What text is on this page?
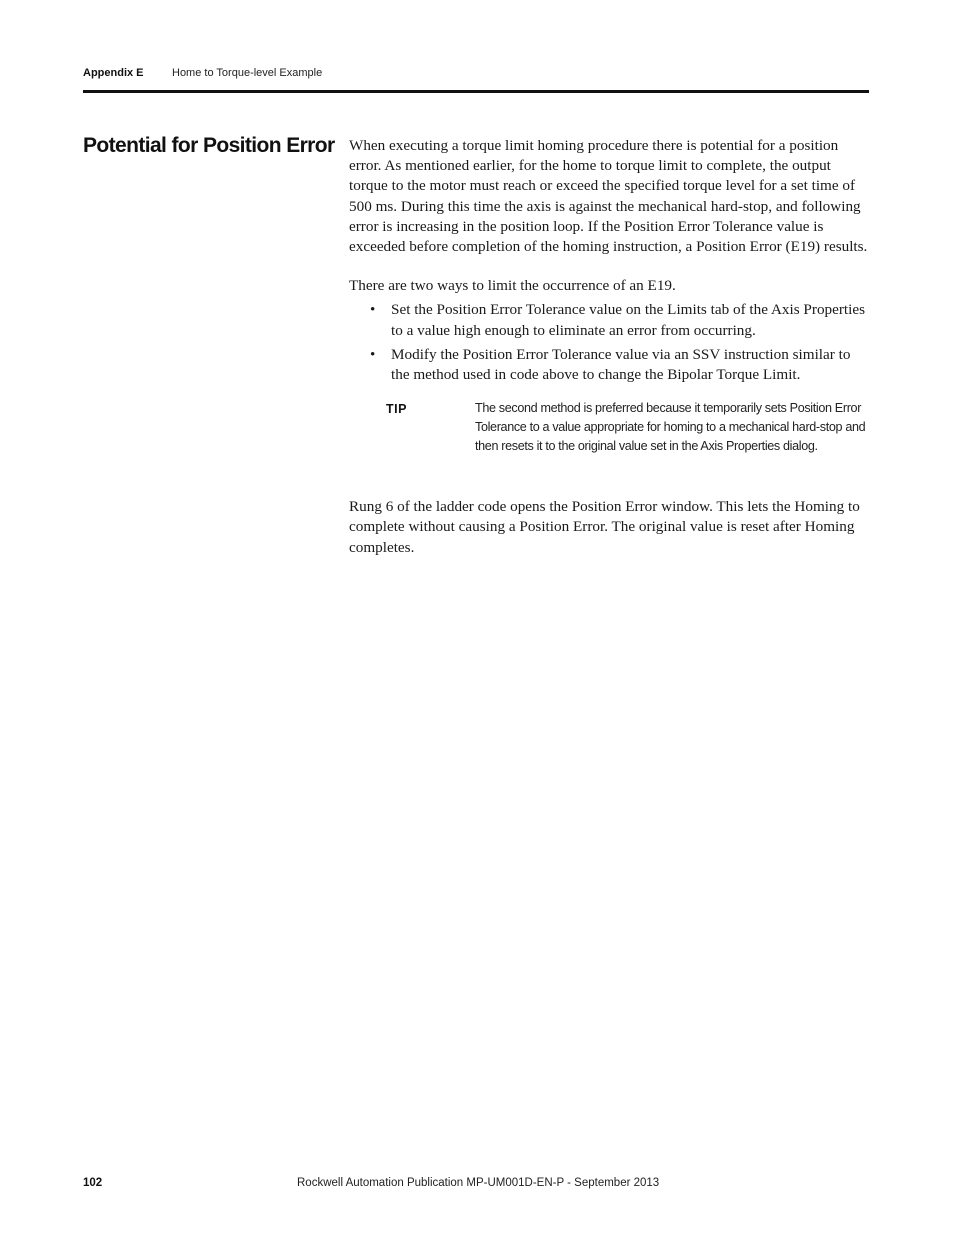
Appendix E	Home to Torque-level Example
Potential for Position Error When executing a torque limit homing procedure there is potential for a position error. As mentioned earlier, for the home to torque limit to complete, the output torque to the motor must reach or exceed the specified torque level for a set time of 500 ms. During this time the axis is against the mechanical hard-stop, and following error is increasing in the position loop. If the Position Error Tolerance value is exceeded before completion of the homing instruction, a Position Error (E19) results.

There are two ways to limit the occurrence of an E19.

• Set the Position Error Tolerance value on the Limits tab of the Axis Properties to a value high enough to eliminate an error from occurring.
• Modify the Position Error Tolerance value via an SSV instruction similar to the method used in code above to change the Bipolar Torque Limit.
TIP	The second method is preferred because it temporarily sets Position Error Tolerance to a value appropriate for homing to a mechanical hard-stop and then resets it to the original value set in the Axis Properties dialog.

Rung 6 of the ladder code opens the Position Error window. This lets the Homing to complete without causing a Position Error. The original value is reset after Homing completes.

102	Rockwell Automation Publication MP-UM001D-EN-P - September 2013
